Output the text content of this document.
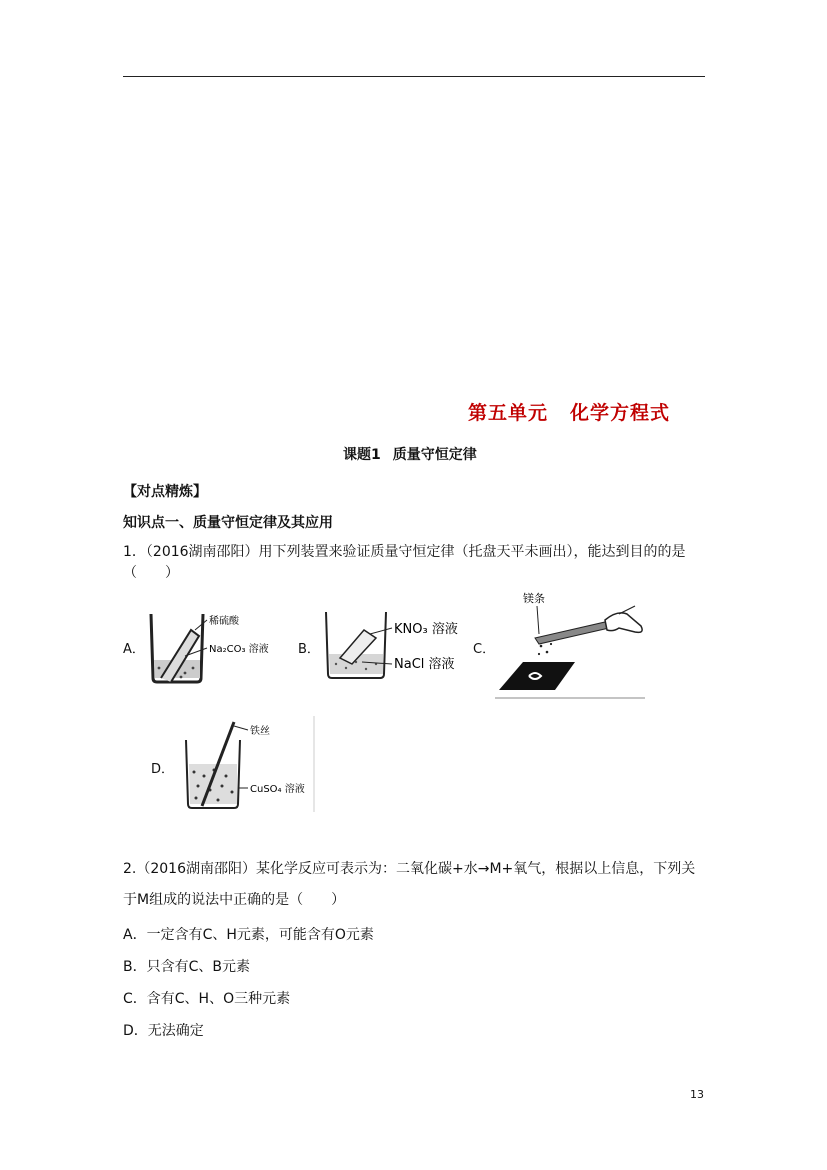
第五单元 化学方程式
课题1 质量守恒定律
【对点精炼】
知识点一、质量守恒定律及其应用
1．（2016湖南邵阳）用下列装置来验证质量守恒定律（托盘天平未画出），能达到目的的是
（　　）
A．
稀硫酸
Na₂CO₃ 溶液 B．
KNO₃ 溶液
NaCl 溶液
C．
镁条
D．
铁丝
CuSO₄ 溶液
2.（2016湖南邵阳）某化学反应可表示为：二氧化碳+水→M+氧气，根据以上信息，下列关
于M组成的说法中正确的是（　　）
A．一定含有C、H元素，可能含有O元素
B．只含有C、B元素
C．含有C、H、O三种元素
D．无法确定
13
